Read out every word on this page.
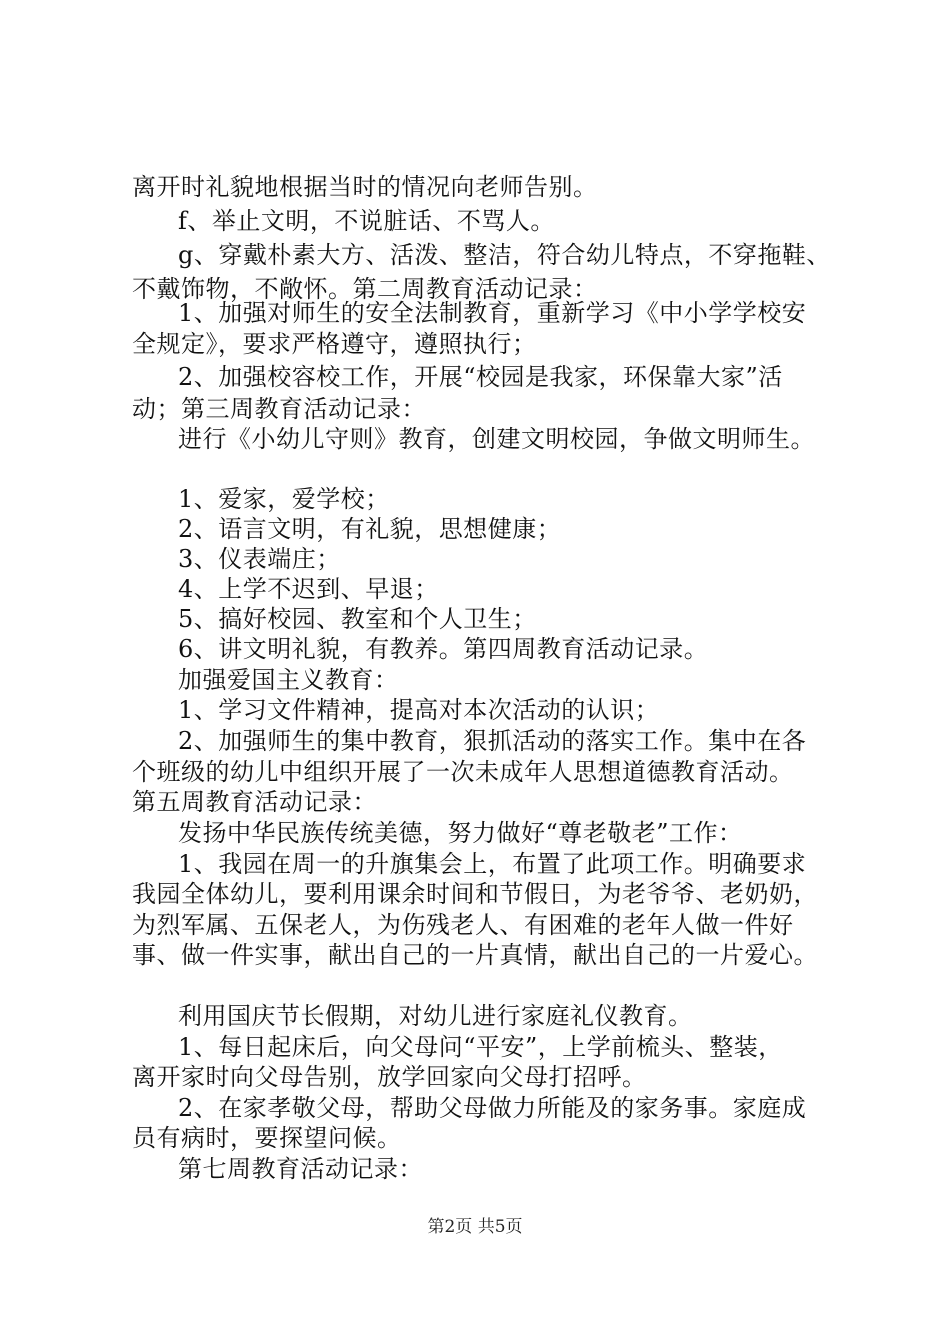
离开时礼貌地根据当时的情况向老师告别。
f、举止文明，不说脏话、不骂人。
g、穿戴朴素大方、活泼、整洁，符合幼儿特点，不穿拖鞋、
不戴饰物，不敞怀。第二周教育活动记录：
1、加强对师生的安全法制教育，重新学习《中小学学校安
全规定》，要求严格遵守，遵照执行；
2、加强校容校工作，开展“校园是我家，环保靠大家”活
动；第三周教育活动记录：
进行《小幼儿守则》教育，创建文明校园，争做文明师生。
1、爱家，爱学校；
2、语言文明，有礼貌，思想健康；
3、仪表端庄；
4、上学不迟到、早退；
5、搞好校园、教室和个人卫生；
6、讲文明礼貌，有教养。第四周教育活动记录。
加强爱国主义教育：
1、学习文件精神，提高对本次活动的认识；
2、加强师生的集中教育，狠抓活动的落实工作。集中在各
个班级的幼儿中组织开展了一次未成年人思想道德教育活动。
第五周教育活动记录：
发扬中华民族传统美德，努力做好“尊老敬老”工作：
1、我园在周一的升旗集会上，布置了此项工作。明确要求
我园全体幼儿，要利用课余时间和节假日，为老爷爷、老奶奶，
为烈军属、五保老人，为伤残老人、有困难的老年人做一件好
事、做一件实事，献出自己的一片真情，献出自己的一片爱心。
利用国庆节长假期，对幼儿进行家庭礼仪教育。
1、每日起床后，向父母问“平安”，上学前梳头、整装，
离开家时向父母告别，放学回家向父母打招呼。
2、在家孝敬父母，帮助父母做力所能及的家务事。家庭成
员有病时，要探望问候。
第七周教育活动记录：
第2页 共5页
